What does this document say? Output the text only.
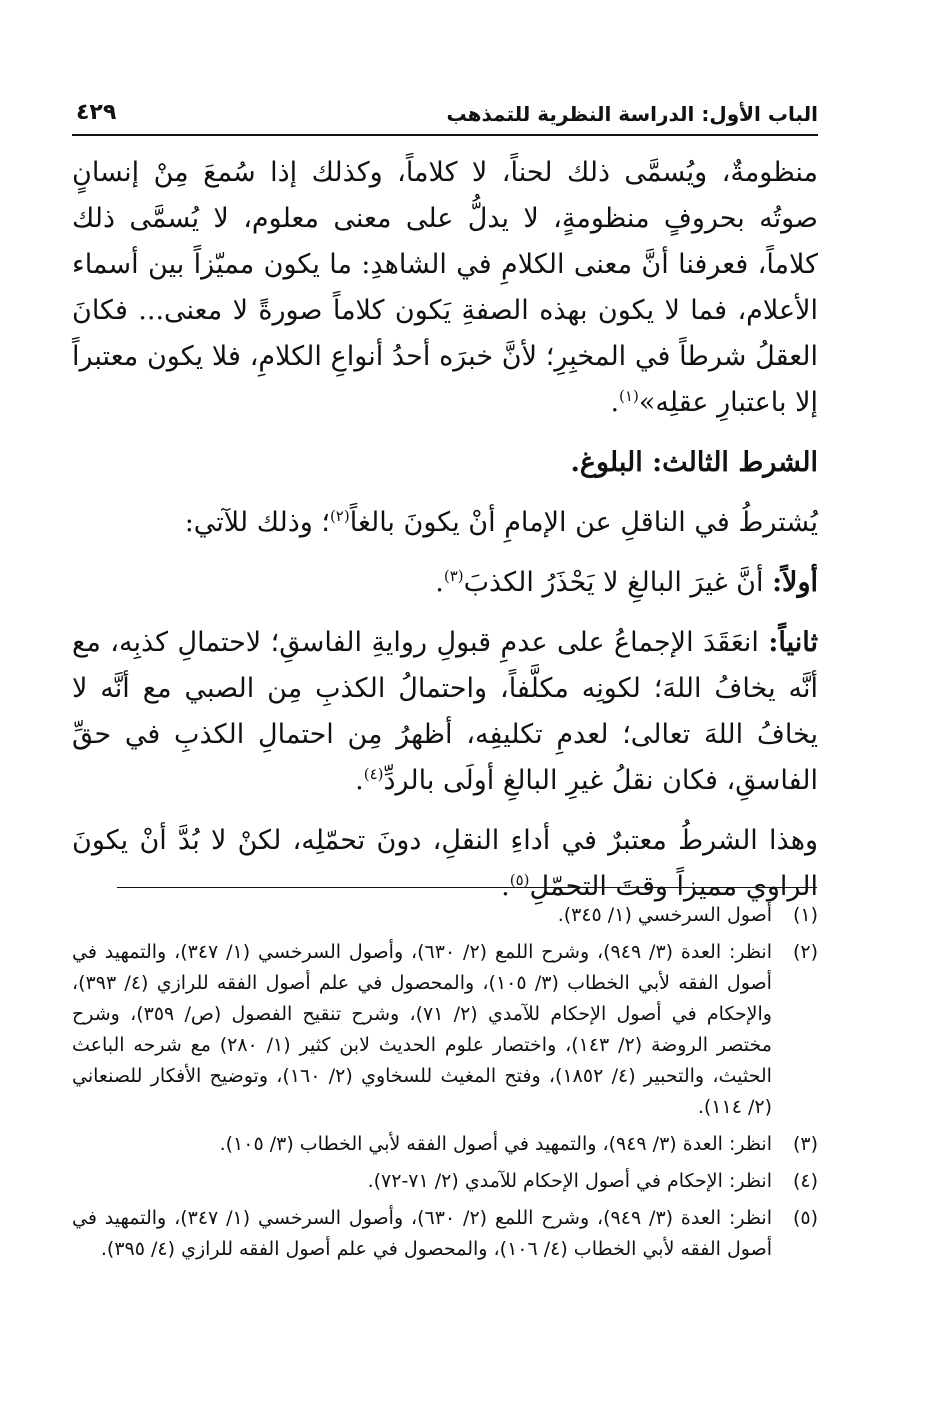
الباب الأول: الدراسة النظرية للتمذهب
٤٢٩

منظومةٌ، ويُسمَّى ذلك لحناً، لا كلاماً، وكذلك إذا سُمعَ مِنْ إنسانٍ صوتُه بحروفٍ منظومةٍ، لا يدلُّ على معنى معلوم، لا يُسمَّى ذلك كلاماً، فعرفنا أنَّ معنى الكلامِ في الشاهدِ: ما يكون مميّزاً بين أسماء الأعلام، فما لا يكون بهذه الصفةِ يَكون كلاماً صورةً لا معنى... فكانَ العقلُ شرطاً في المخبِرِ؛ لأنَّ خبرَه أحدُ أنواعِ الكلامِ، فلا يكون معتبراً إلا باعتبارِ عقلِه»$^{(١)}$.

الشرط الثالث: البلوغ.

يُشترطُ في الناقلِ عن الإمامِ أنْ يكونَ بالغاً$^{(٢)}$؛ وذلك للآتي:

أولاً: أنَّ غيرَ البالغِ لا يَحْذَرُ الكذبَ$^{(٣)}$.

ثانياً: انعَقَدَ الإجماعُ على عدمِ قبولِ روايةِ الفاسقِ؛ لاحتمالِ كذبِه، مع أنَّه يخافُ اللهَ؛ لكونِه مكلَّفاً، واحتمالُ الكذبِ مِن الصبي مع أنَّه لا يخافُ اللهَ تعالى؛ لعدمِ تكليفِه، أظهرُ مِن احتمالِ الكذبِ في حقِّ الفاسقِ، فكان نقلُ غيرِ البالغِ أولَى بالردِّ$^{(٤)}$.

وهذا الشرطُ معتبرٌ في أداءِ النقلِ، دونَ تحمّلِه، لكنْ لا بُدَّ أنْ يكونَ الراوي مميزاً وقتَ التحمّلِ$^{(٥)}$.

(١)
أصول السرخسي (١/ ٣٤٥).
(٢)
انظر: العدة (٣/ ٩٤٩)، وشرح اللمع (٢/ ٦٣٠)، وأصول السرخسي (١/ ٣٤٧)، والتمهيد في أصول الفقه لأبي الخطاب (٣/ ١٠٥)، والمحصول في علم أصول الفقه للرازي (٤/ ٣٩٣)، والإحكام في أصول الإحكام للآمدي (٢/ ٧١)، وشرح تنقيح الفصول (ص/ ٣٥٩)، وشرح مختصر الروضة (٢/ ١٤٣)، واختصار علوم الحديث لابن كثير (١/ ٢٨٠) مع شرحه الباعث الحثيث، والتحبير (٤/ ١٨٥٢)، وفتح المغيث للسخاوي (٢/ ١٦٠)، وتوضيح الأفكار للصنعاني (٢/ ١١٤).
(٣)
انظر: العدة (٣/ ٩٤٩)، والتمهيد في أصول الفقه لأبي الخطاب (٣/ ١٠٥).
(٤)
انظر: الإحكام في أصول الإحكام للآمدي (٢/ ٧١-٧٢).
(٥)
انظر: العدة (٣/ ٩٤٩)، وشرح اللمع (٢/ ٦٣٠)، وأصول السرخسي (١/ ٣٤٧)، والتمهيد في أصول الفقه لأبي الخطاب (٤/ ١٠٦)، والمحصول في علم أصول الفقه للرازي (٤/ ٣٩٥).
